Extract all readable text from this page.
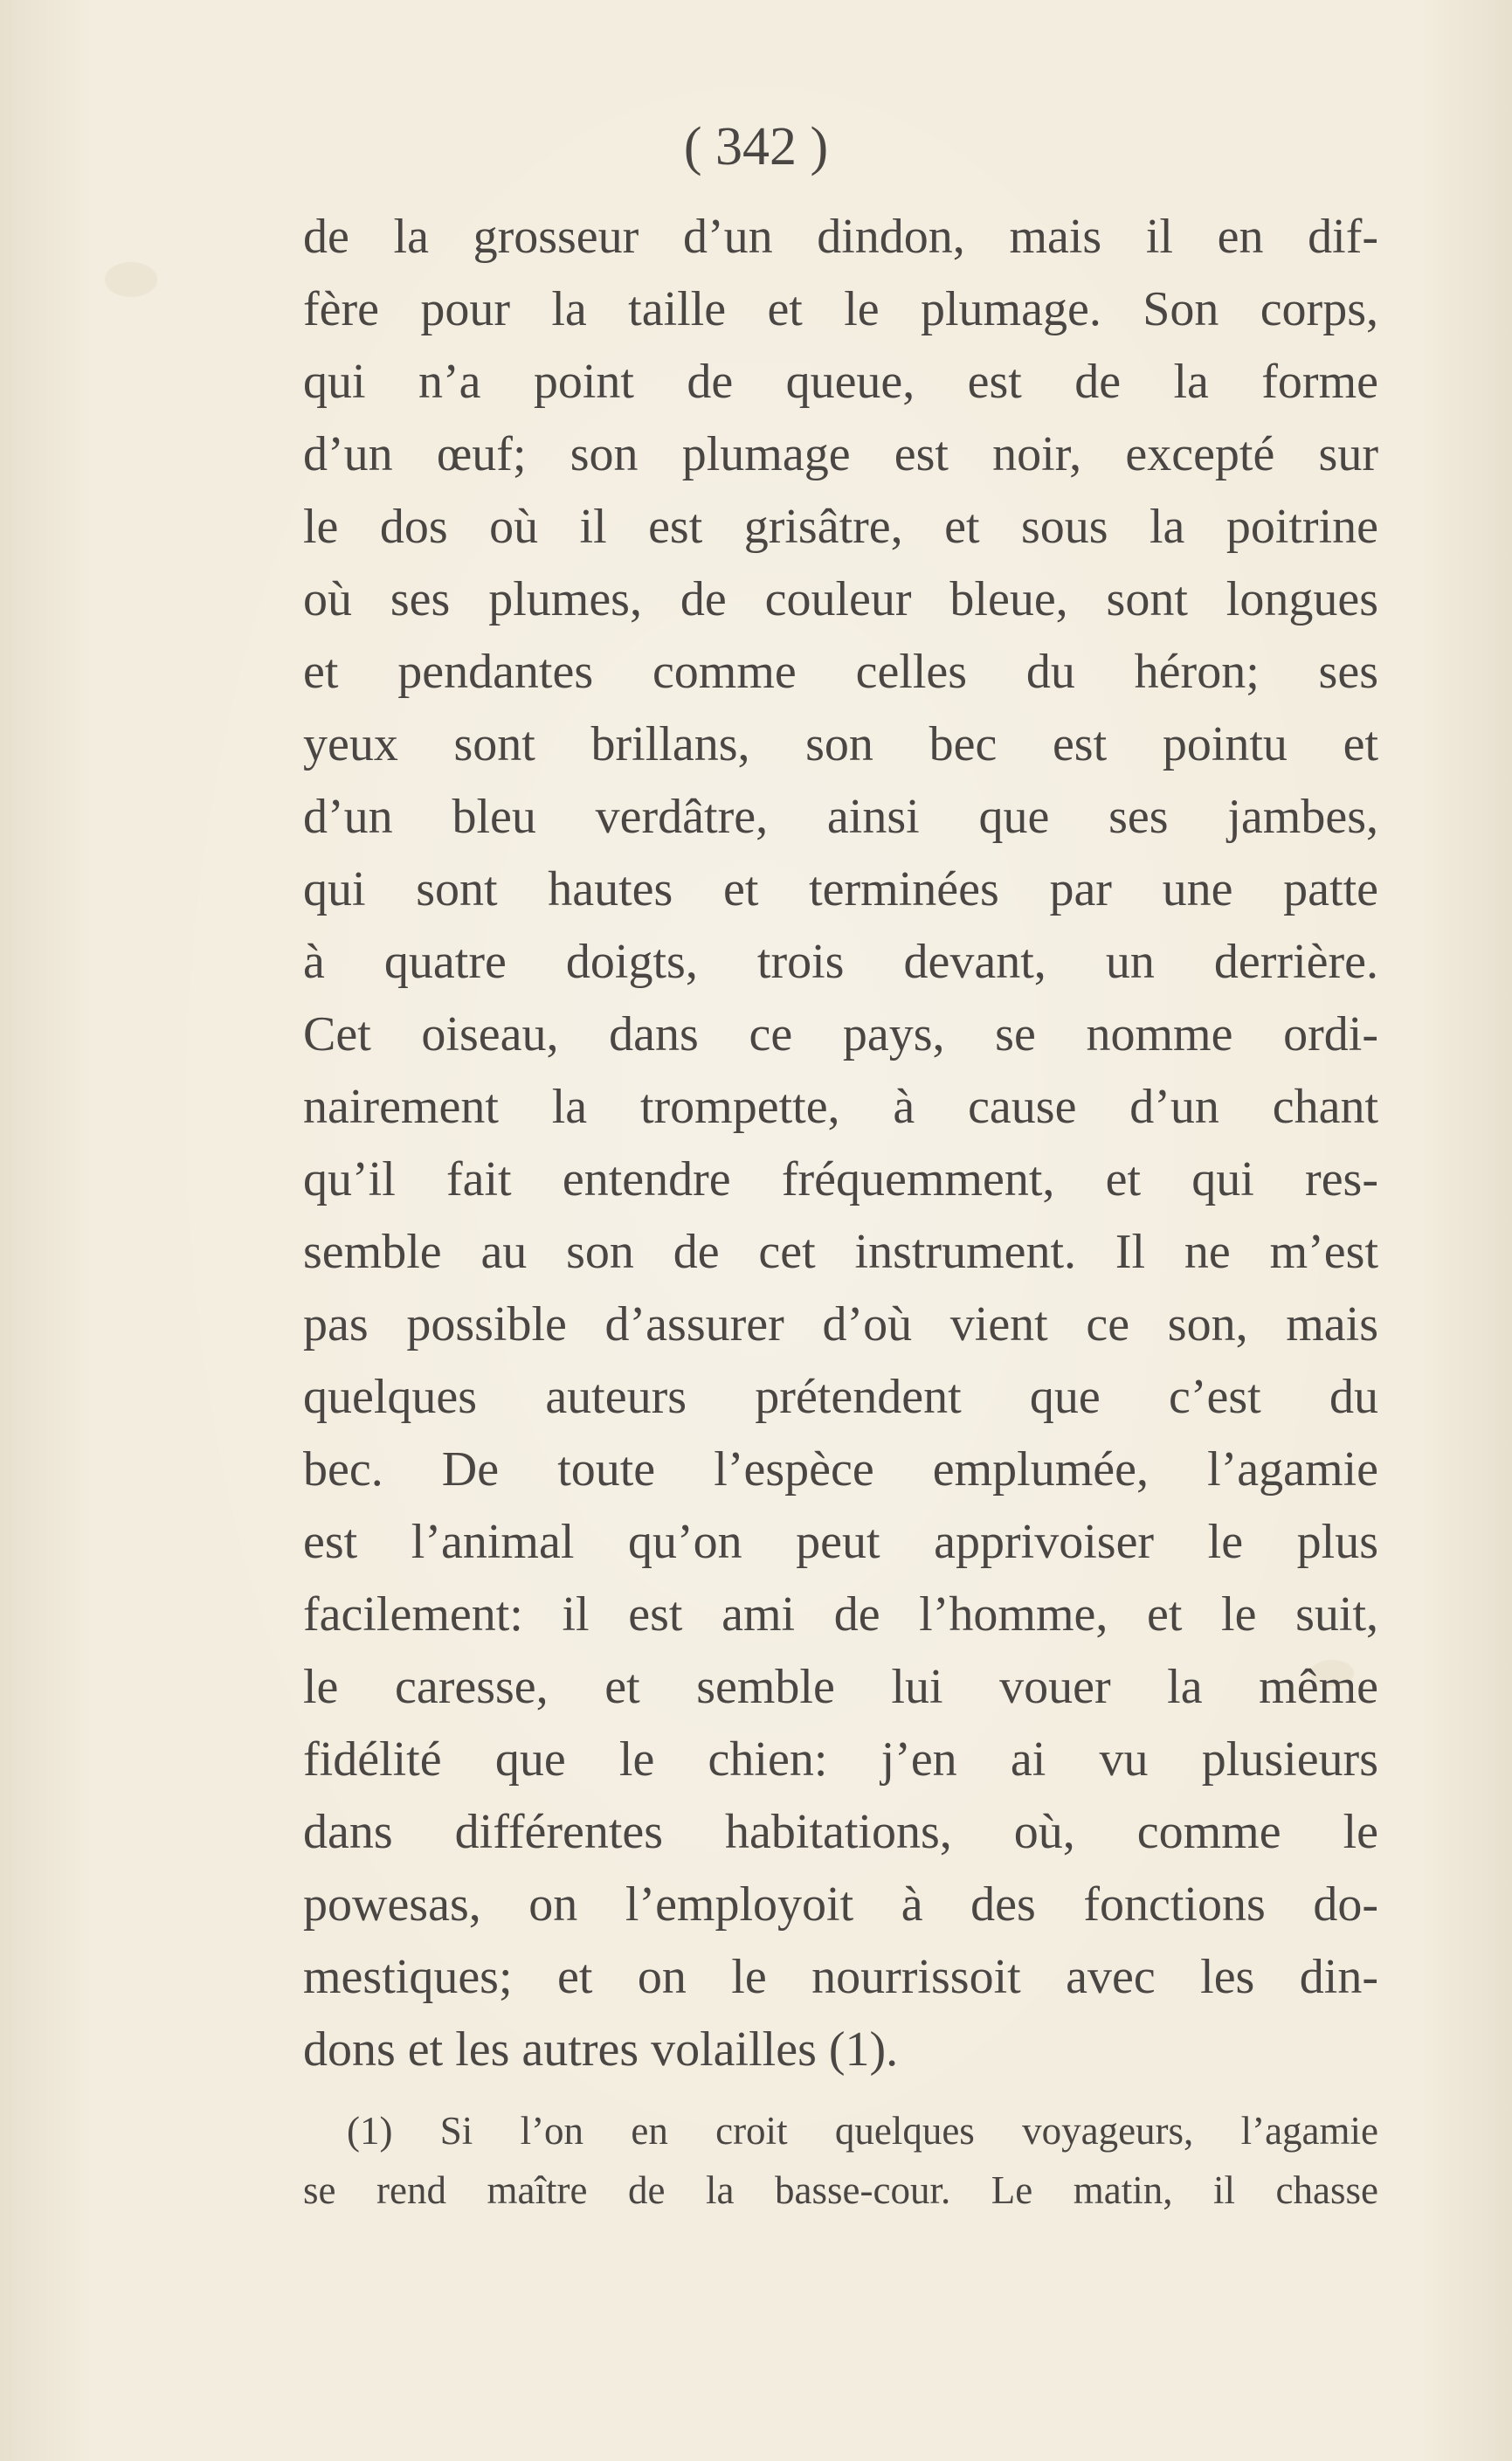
( 342 )
de la grosseur d’un dindon, mais il en dif-
fère pour la taille et le plumage. Son corps,
qui n’a point de queue, est de la forme
d’un œuf; son plumage est noir, excepté sur
le dos où il est grisâtre, et sous la poitrine
où ses plumes, de couleur bleue, sont longues
et pendantes comme celles du héron; ses
yeux sont brillans, son bec est pointu et
d’un bleu verdâtre, ainsi que ses jambes,
qui sont hautes et terminées par une patte
à quatre doigts, trois devant, un derrière.
Cet oiseau, dans ce pays, se nomme ordi-
nairement la trompette, à cause d’un chant
qu’il fait entendre fréquemment, et qui res-
semble au son de cet instrument. Il ne m’est
pas possible d’assurer d’où vient ce son, mais
quelques auteurs prétendent que c’est du
bec. De toute l’espèce emplumée, l’agamie
est l’animal qu’on peut apprivoiser le plus
facilement: il est ami de l’homme, et le suit,
le caresse, et semble lui vouer la même
fidélité que le chien: j’en ai vu plusieurs
dans différentes habitations, où, comme le
powesas, on l’employoit à des fonctions do-
mestiques; et on le nourrissoit avec les din-
dons et les autres volailles (1).
(1) Si l’on en croit quelques voyageurs, l’agamie
se rend maître de la basse-cour. Le matin, il chasse
